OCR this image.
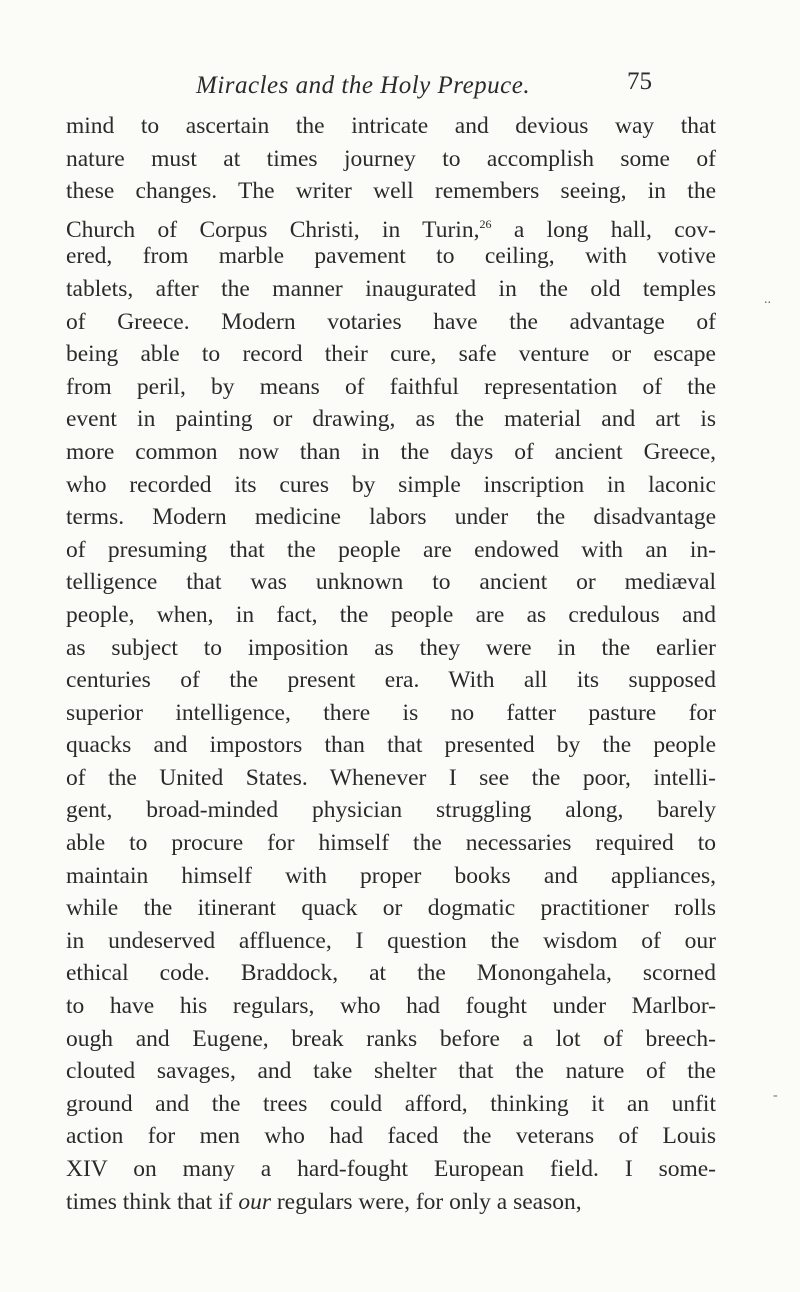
Miracles and the Holy Prepuce.	75
mind to ascertain the intricate and devious way that
nature must at times journey to accomplish some of
these changes. The writer well remembers seeing, in the
Church of Corpus Christi, in Turin,$^{26}$ a long hall, cov-
ered, from marble pavement to ceiling, with votive
tablets, after the manner inaugurated in the old temples
of Greece. Modern votaries have the advantage of
being able to record their cure, safe venture or escape
from peril, by means of faithful representation of the
event in painting or drawing, as the material and art is
more common now than in the days of ancient Greece,
who recorded its cures by simple inscription in laconic
terms. Modern medicine labors under the disadvantage
of presuming that the people are endowed with an in-
telligence that was unknown to ancient or mediæval
people, when, in fact, the people are as credulous and
as subject to imposition as they were in the earlier
centuries of the present era. With all its supposed
superior intelligence, there is no fatter pasture for
quacks and impostors than that presented by the people
of the United States. Whenever I see the poor, intelli-
gent, broad-minded physician struggling along, barely
able to procure for himself the necessaries required to
maintain himself with proper books and appliances,
while the itinerant quack or dogmatic practitioner rolls
in undeserved affluence, I question the wisdom of our
ethical code. Braddock, at the Monongahela, scorned
to have his regulars, who had fought under Marlbor-
ough and Eugene, break ranks before a lot of breech-
clouted savages, and take shelter that the nature of the
ground and the trees could afford, thinking it an unfit
action for men who had faced the veterans of Louis
XIV on many a hard-fought European field. I some-
times think that if our regulars were, for only a season,
..
-
